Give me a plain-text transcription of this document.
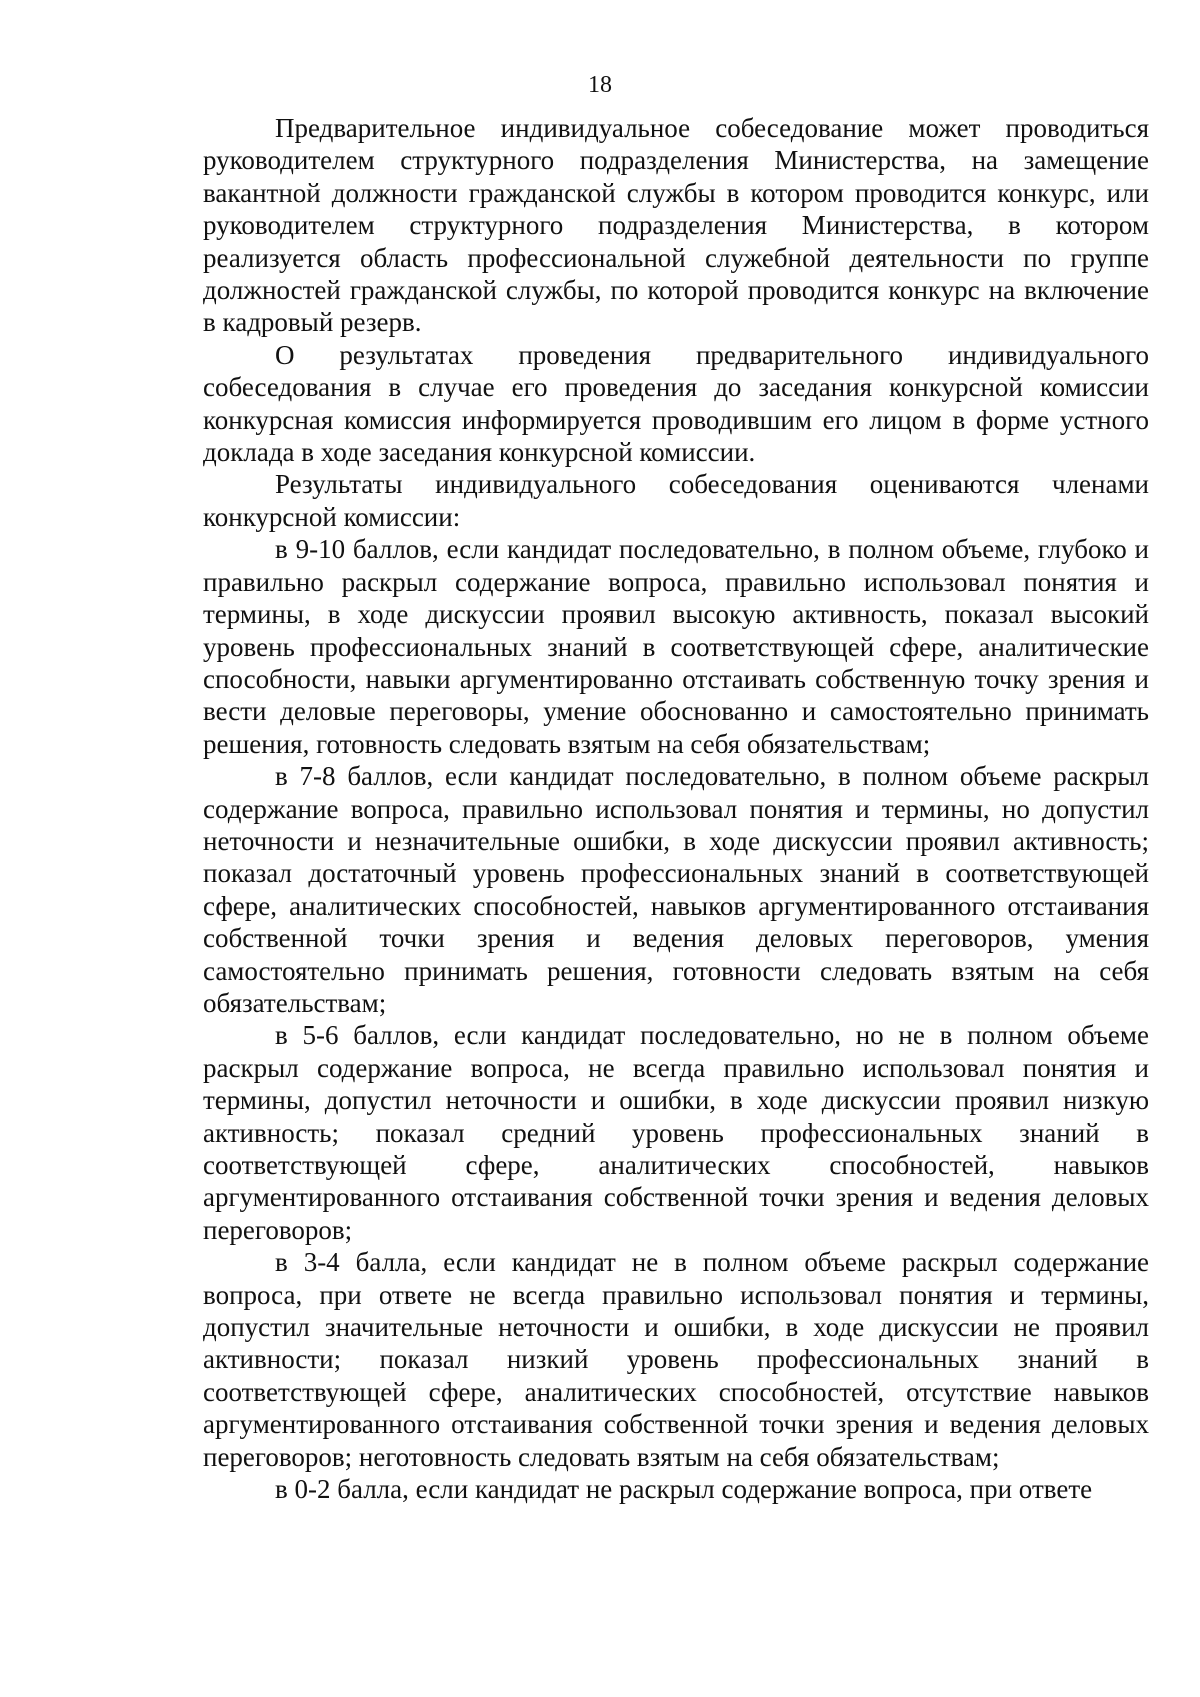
18

Предварительное индивидуальное собеседование может проводиться руководителем структурного подразделения Министерства, на замещение вакантной должности гражданской службы в котором проводится конкурс, или руководителем структурного подразделения Министерства, в котором реализуется область профессиональной служебной деятельности по группе должностей гражданской службы, по которой проводится конкурс на включение в кадровый резерв.

О результатах проведения предварительного индивидуального собеседования в случае его проведения до заседания конкурсной комиссии конкурсная комиссия информируется проводившим его лицом в форме устного доклада в ходе заседания конкурсной комиссии.

Результаты индивидуального собеседования оцениваются членами конкурсной комиссии:

в 9-10 баллов, если кандидат последовательно, в полном объеме, глубоко и правильно раскрыл содержание вопроса, правильно использовал понятия и термины, в ходе дискуссии проявил высокую активность, показал высокий уровень профессиональных знаний в соответствующей сфере, аналитические способности, навыки аргументированно отстаивать собственную точку зрения и вести деловые переговоры, умение обоснованно и самостоятельно принимать решения, готовность следовать взятым на себя обязательствам;

в 7-8 баллов, если кандидат последовательно, в полном объеме раскрыл содержание вопроса, правильно использовал понятия и термины, но допустил неточности и незначительные ошибки, в ходе дискуссии проявил активность; показал достаточный уровень профессиональных знаний в соответствующей сфере, аналитических способностей, навыков аргументированного отстаивания собственной точки зрения и ведения деловых переговоров, умения самостоятельно принимать решения, готовности следовать взятым на себя обязательствам;

в 5-6 баллов, если кандидат последовательно, но не в полном объеме раскрыл содержание вопроса, не всегда правильно использовал понятия и термины, допустил неточности и ошибки, в ходе дискуссии проявил низкую активность; показал средний уровень профессиональных знаний в соответствующей сфере, аналитических способностей, навыков аргументированного отстаивания собственной точки зрения и ведения деловых переговоров;

в 3-4 балла, если кандидат не в полном объеме раскрыл содержание вопроса, при ответе не всегда правильно использовал понятия и термины, допустил значительные неточности и ошибки, в ходе дискуссии не проявил активности; показал низкий уровень профессиональных знаний в соответствующей сфере, аналитических способностей, отсутствие навыков аргументированного отстаивания собственной точки зрения и ведения деловых переговоров; неготовность следовать взятым на себя обязательствам;

в 0-2 балла, если кандидат не раскрыл содержание вопроса, при ответе
